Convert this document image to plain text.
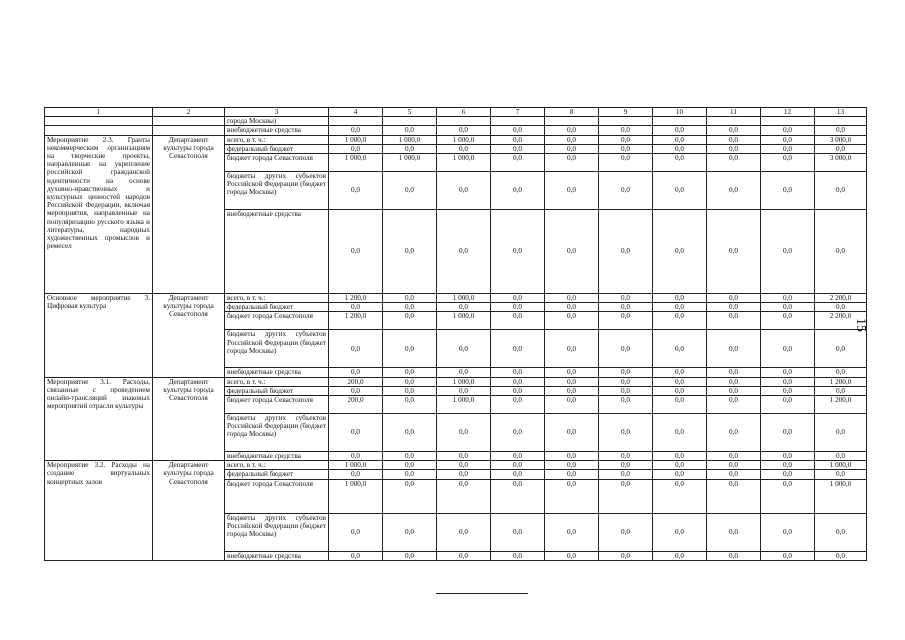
1	2	3	4	5	6	7	8	9	10	11	12	13
		города Москвы)										
		внебюджетные средства	0,0	0,0	0,0	0,0	0,0	0,0	0,0	0,0	0,0	0,0
Мероприятие 2.3. Гранты некоммерческим организациям на творческие проекты, направленные на укрепление российской гражданской идентичности на основе духовно-нравственных и культурных ценностей народов Российской Федерации, включая мероприятия, направленные на популяризацию русского языка и литературы, народных художественных промыслов и ремесел	Департамент культуры города Севастополя	всего, в т. ч.:	1 000,0	1 000,0	1 000,0	0,0	0,0	0,0	0,0	0,0	0,0	3 000,0
		федеральный бюджет	0,0	0,0	0,0	0,0	0,0	0,0	0,0	0,0	0,0	0,0
		бюджет города Севастополя	1 000,0	1 000,0	1 000,0	0,0	0,0	0,0	0,0	0,0	0,0	3 000,0
		бюджеты других субъектов Российской Федерации (бюджет города Москвы)	0,0	0,0	0,0	0,0	0,0	0,0	0,0	0,0	0,0	0,0
		внебюджетные средства	0,0	0,0	0,0	0,0	0,0	0,0	0,0	0,0	0,0	0,0
Основное мероприятие 3. Цифровая культура	Департамент культуры города Севастополя	всего, в т. ч.:	1 200,0	0,0	1 000,0	0,0	0,0	0,0	0,0	0,0	0,0	2 200,0
		федеральный бюджет	0,0	0,0	0,0	0,0	0,0	0,0	0,0	0,0	0,0	0,0
		бюджет города Севастополя	1 200,0	0,0	1 000,0	0,0	0,0	0,0	0,0	0,0	0,0	2 200,0
		бюджеты других субъектов Российской Федерации (бюджет города Москвы)	0,0	0,0	0,0	0,0	0,0	0,0	0,0	0,0	0,0	0,0
		внебюджетные средства	0,0	0,0	0,0	0,0	0,0	0,0	0,0	0,0	0,0	0,0
Мероприятие 3.1. Расходы, связанные с проведением онлайн-трансляций знаковых мероприятий отрасли культуры	Департамент культуры города Севастополя	всего, в т. ч.:	200,0	0,0	1 000,0	0,0	0,0	0,0	0,0	0,0	0,0	1 200,0
		федеральный бюджет	0,0	0,0	0,0	0,0	0,0	0,0	0,0	0,0	0,0	0,0
		бюджет города Севастополя	200,0	0,0	1 000,0	0,0	0,0	0,0	0,0	0,0	0,0	1 200,0
		бюджеты других субъектов Российской Федерации (бюджет города Москвы)	0,0	0,0	0,0	0,0	0,0	0,0	0,0	0,0	0,0	0,0
		внебюджетные средства	0,0	0,0	0,0	0,0	0,0	0,0	0,0	0,0	0,0	0,0
Мероприятие 3.2. Расходы на создание виртуальных концертных залов	Департамент культуры города Севастополя	всего, в т. ч.:	1 000,0	0,0	0,0	0,0	0,0	0,0	0,0	0,0	0,0	1 000,0
		федеральный бюджет	0,0	0,0	0,0	0,0	0,0	0,0	0,0	0,0	0,0	0,0
		бюджет города Севастополя	1 000,0	0,0	0,0	0,0	0,0	0,0	0,0	0,0	0,0	1 000,0
		бюджеты других субъектов Российской Федерации (бюджет города Москвы)	0,0	0,0	0,0	0,0	0,0	0,0	0,0	0,0	0,0	0,0
		внебюджетные средства	0,0	0,0	0,0	0,0	0,0	0,0	0,0	0,0	0,0	0,0
15
